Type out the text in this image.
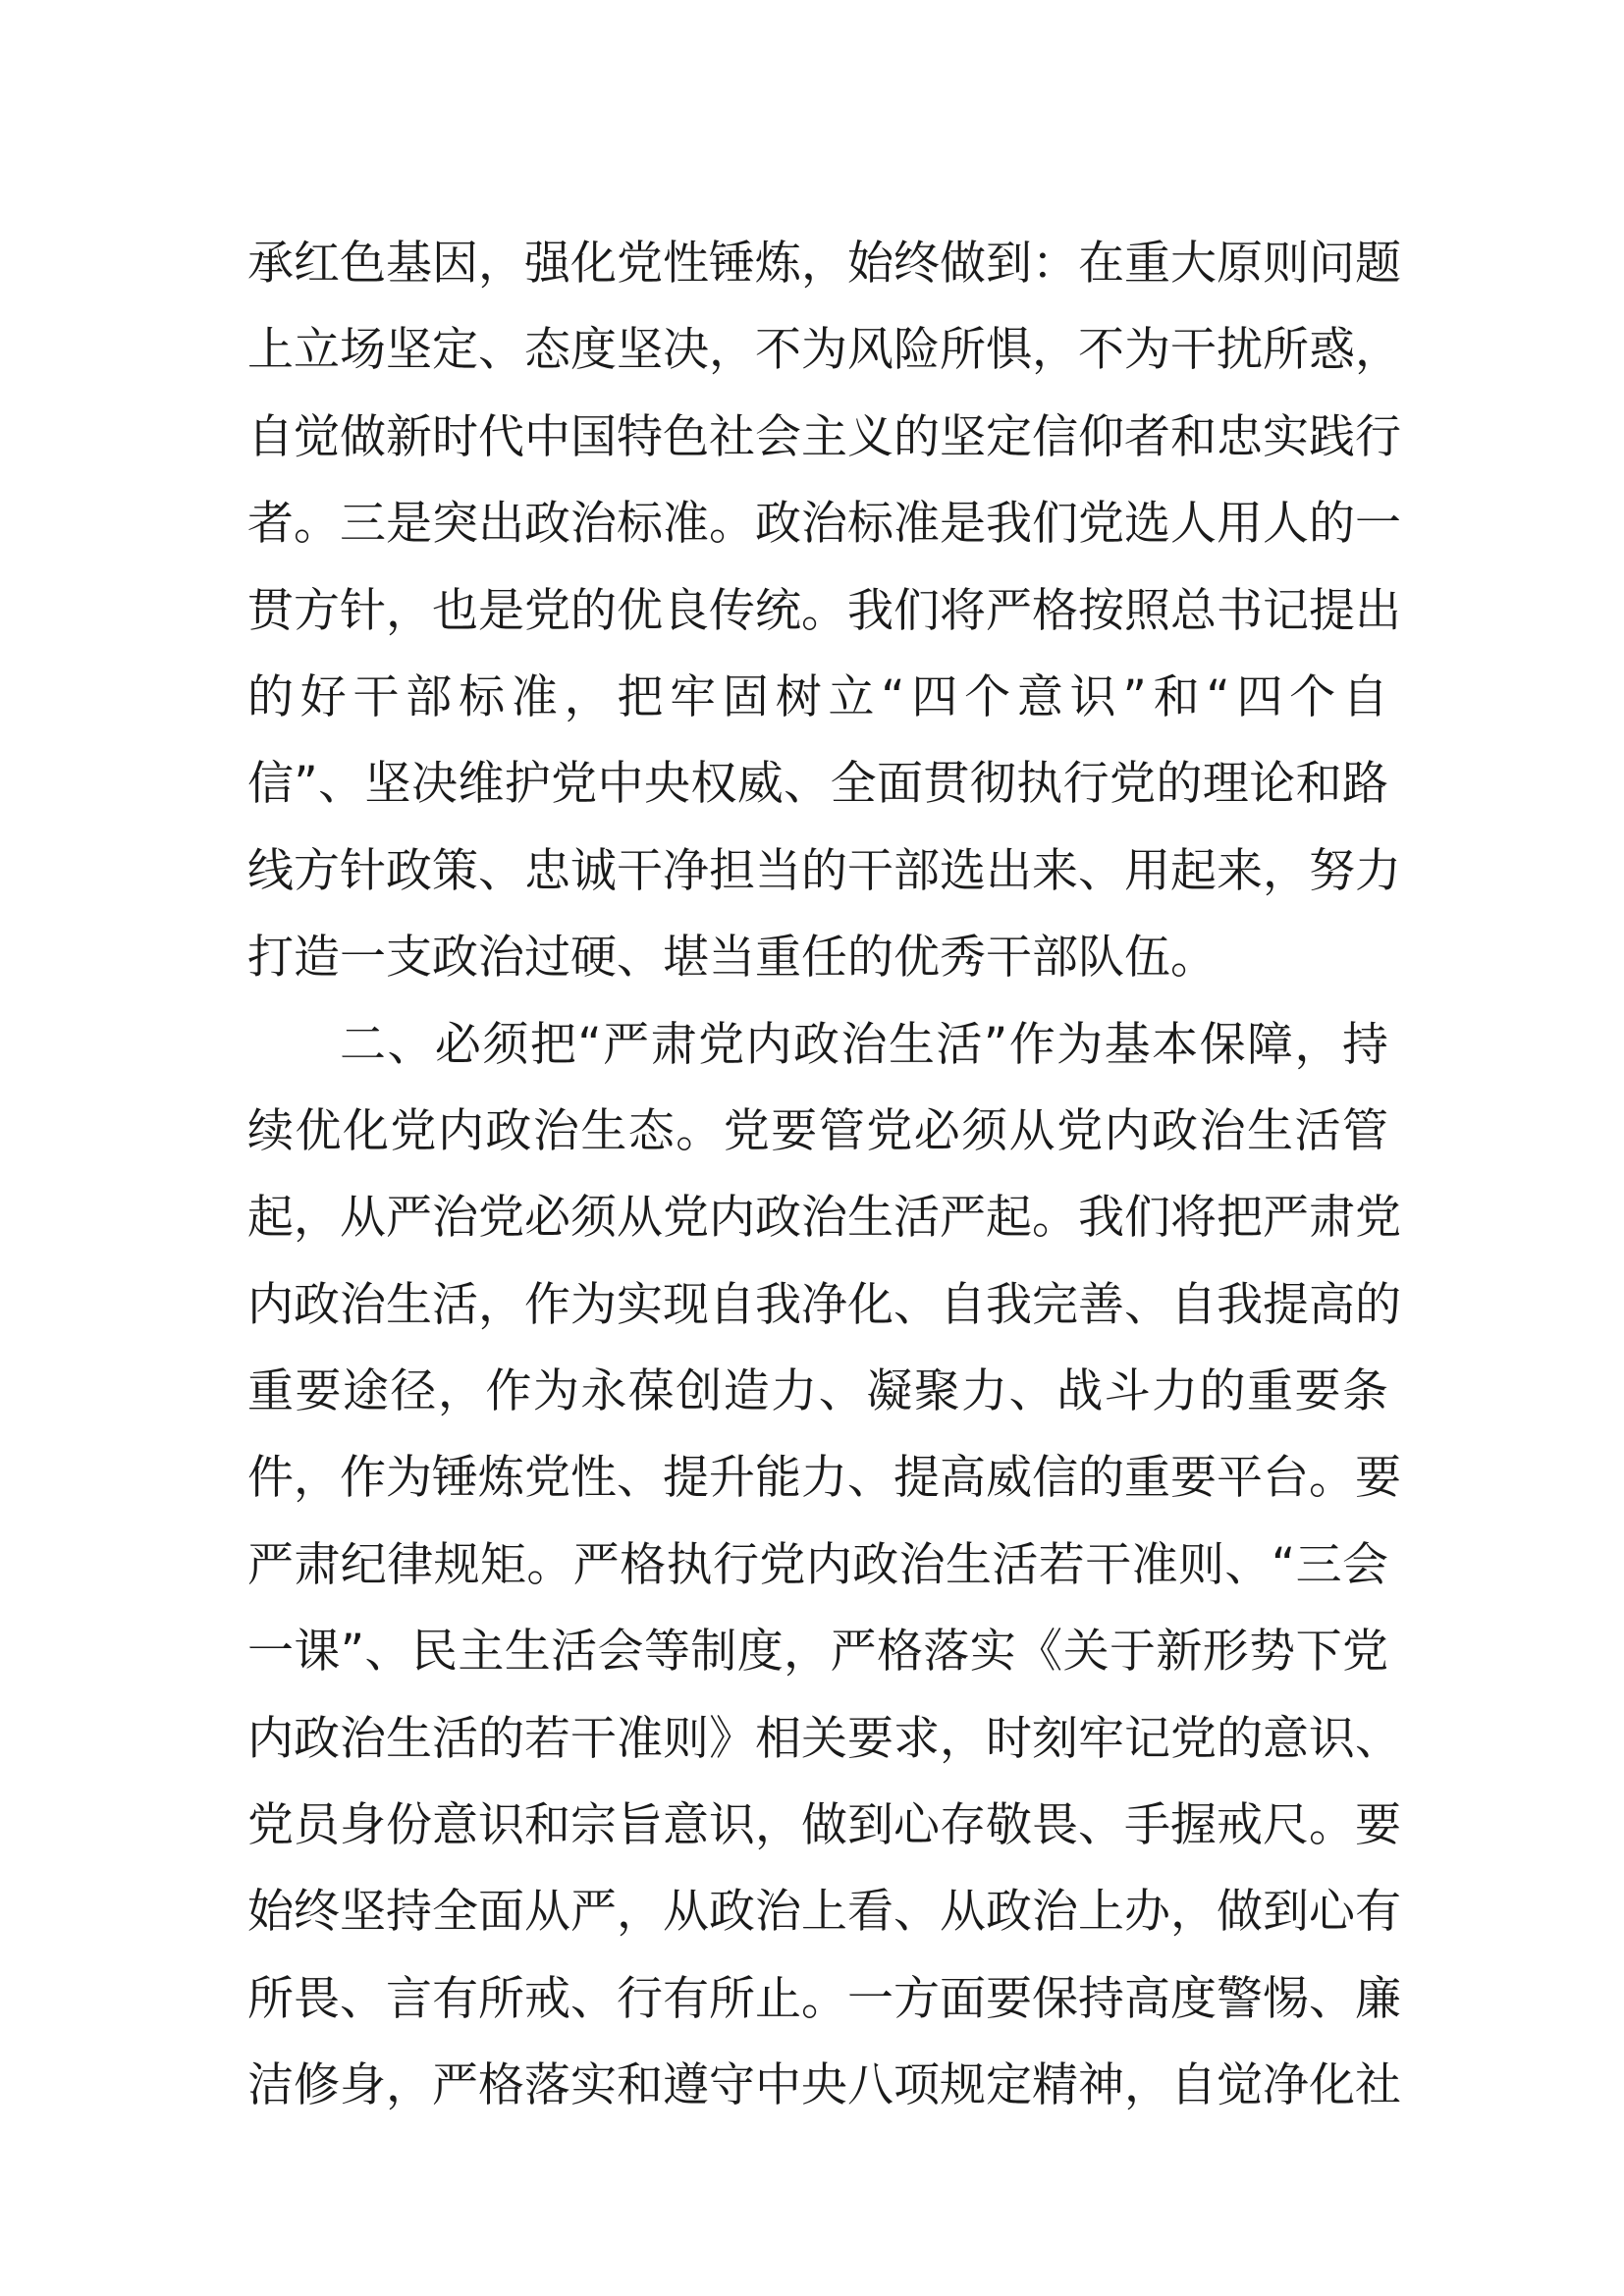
承红色基因，强化党性锤炼，始终做到：在重大原则问题
上立场坚定、态度坚决，不为风险所惧，不为干扰所惑，
自觉做新时代中国特色社会主义的坚定信仰者和忠实践行
者。三是突出政治标准。政治标准是我们党选人用人的一
贯方针，也是党的优良传统。我们将严格按照总书记提出
的好干部标准，把牢固树立“四个意识”和“四个自
信”、坚决维护党中央权威、全面贯彻执行党的理论和路
线方针政策、忠诚干净担当的干部选出来、用起来，努力
打造一支政治过硬、堪当重任的优秀干部队伍。
二、必须把“严肃党内政治生活”作为基本保障，持
续优化党内政治生态。党要管党必须从党内政治生活管
起，从严治党必须从党内政治生活严起。我们将把严肃党
内政治生活，作为实现自我净化、自我完善、自我提高的
重要途径，作为永葆创造力、凝聚力、战斗力的重要条
件，作为锤炼党性、提升能力、提高威信的重要平台。要
严肃纪律规矩。严格执行党内政治生活若干准则、“三会
一课”、民主生活会等制度，严格落实《关于新形势下党
内政治生活的若干准则》相关要求，时刻牢记党的意识、
党员身份意识和宗旨意识，做到心存敬畏、手握戒尺。要
始终坚持全面从严，从政治上看、从政治上办，做到心有
所畏、言有所戒、行有所止。一方面要保持高度警惕、廉
洁修身，严格落实和遵守中央八项规定精神，自觉净化社
